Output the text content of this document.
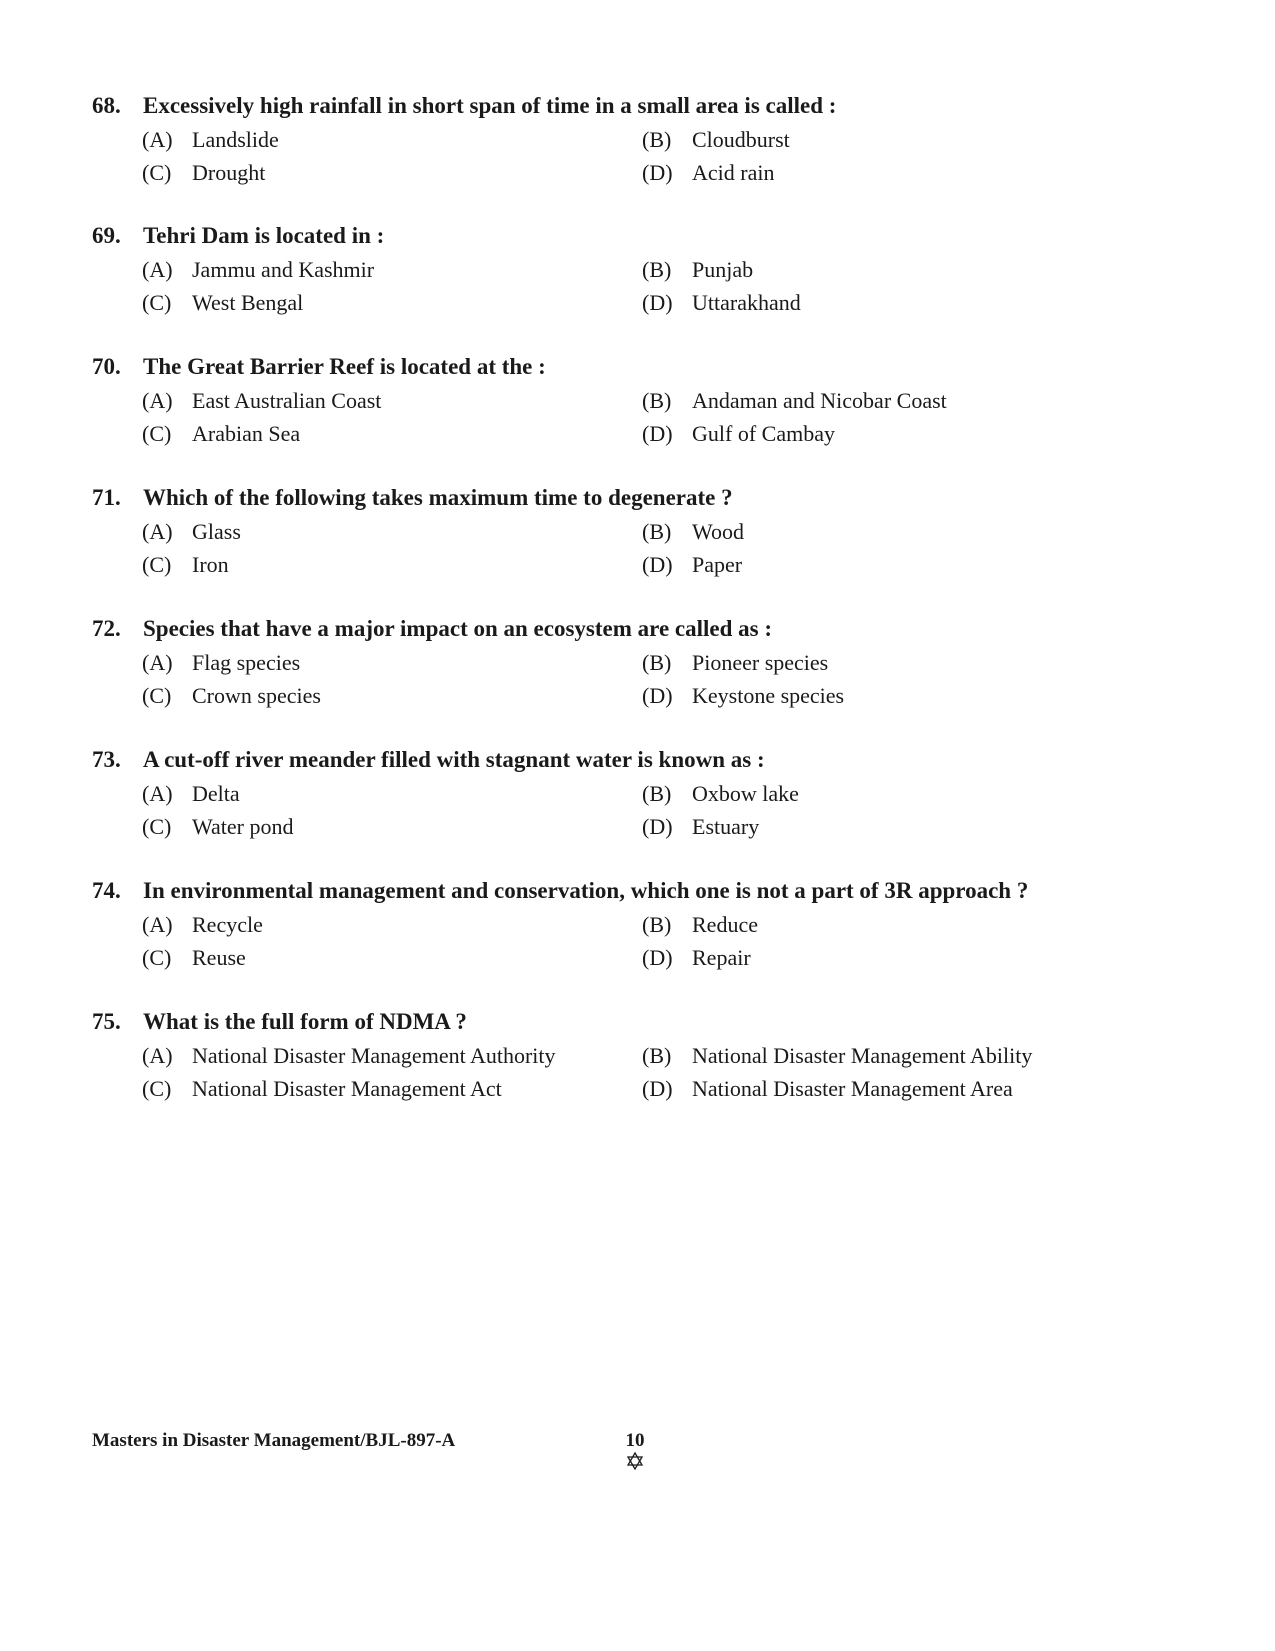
68. Excessively high rainfall in short span of time in a small area is called :
(A) Landslide	(B) Cloudburst
(C) Drought	(D) Acid rain
69. Tehri Dam is located in :
(A) Jammu and Kashmir	(B) Punjab
(C) West Bengal	(D) Uttarakhand
70. The Great Barrier Reef is located at the :
(A) East Australian Coast	(B) Andaman and Nicobar Coast
(C) Arabian Sea	(D) Gulf of Cambay
71. Which of the following takes maximum time to degenerate ?
(A) Glass	(B) Wood
(C) Iron	(D) Paper
72. Species that have a major impact on an ecosystem are called as :
(A) Flag species	(B) Pioneer species
(C) Crown species	(D) Keystone species
73. A cut-off river meander filled with stagnant water is known as :
(A) Delta	(B) Oxbow lake
(C) Water pond	(D) Estuary
74. In environmental management and conservation, which one is not a part of 3R approach ?
(A) Recycle	(B) Reduce
(C) Reuse	(D) Repair
75. What is the full form of NDMA ?
(A) National Disaster Management Authority	(B) National Disaster Management Ability
(C) National Disaster Management Act	(D) National Disaster Management Area
Masters in Disaster Management/BJL-897-A	10
